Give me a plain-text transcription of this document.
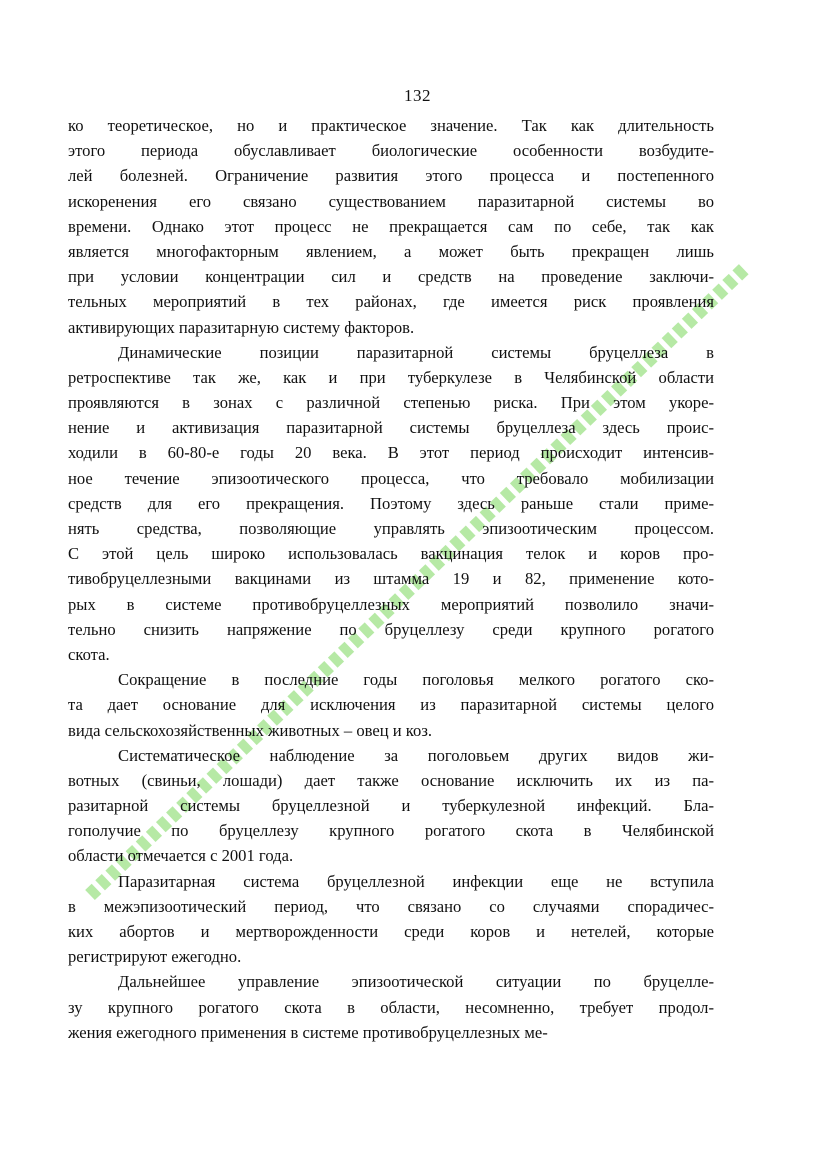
132
ко теоретическое, но и практическое значение. Так как длительность
этого периода обуславливает биологические особенности возбудите-
лей болезней. Ограничение развития этого процесса и постепенного
искоренения его связано существованием паразитарной системы во
времени. Однако этот процесс не прекращается сам по себе, так как
является многофакторным явлением, а может быть прекращен лишь
при условии концентрации сил и средств на проведение заключи-
тельных мероприятий в тех районах, где имеется риск проявления
активирующих паразитарную систему факторов.
Динамические позиции паразитарной системы бруцеллеза в
ретроспективе так же, как и при туберкулезе в Челябинской области
проявляются в зонах с различной степенью риска. При этом укоре-
нение и активизация паразитарной системы бруцеллеза здесь проис-
ходили в 60-80-е годы 20 века. В этот период происходит интенсив-
ное течение эпизоотического процесса, что требовало мобилизации
средств для его прекращения. Поэтому здесь раньше стали приме-
нять средства, позволяющие управлять эпизоотическим процессом.
С этой цель широко использовалась вакцинация телок и коров про-
тивобруцеллезными вакцинами из штамма 19 и 82, применение кото-
рых в системе противобруцеллезных мероприятий позволило значи-
тельно снизить напряжение по бруцеллезу среди крупного рогатого
скота.
Сокращение в последние годы поголовья мелкого рогатого ско-
та дает основание для исключения из паразитарной системы целого
вида сельскохозяйственных животных – овец и коз.
Систематическое наблюдение за поголовьем других видов жи-
вотных (свиньи, лошади) дает также основание исключить их из па-
разитарной системы бруцеллезной и туберкулезной инфекций. Бла-
гополучие по бруцеллезу крупного рогатого скота в Челябинской
области отмечается с 2001 года.
Паразитарная система бруцеллезной инфекции еще не вступила
в межэпизоотический период, что связано со случаями спорадичес-
ких абортов и мертворожденности среди коров и нетелей, которые
регистрируют ежегодно.
Дальнейшее управление эпизоотической ситуации по бруцелле-
зу крупного рогатого скота в области, несомненно, требует продол-
жения ежегодного применения в системе противобруцеллезных ме-
